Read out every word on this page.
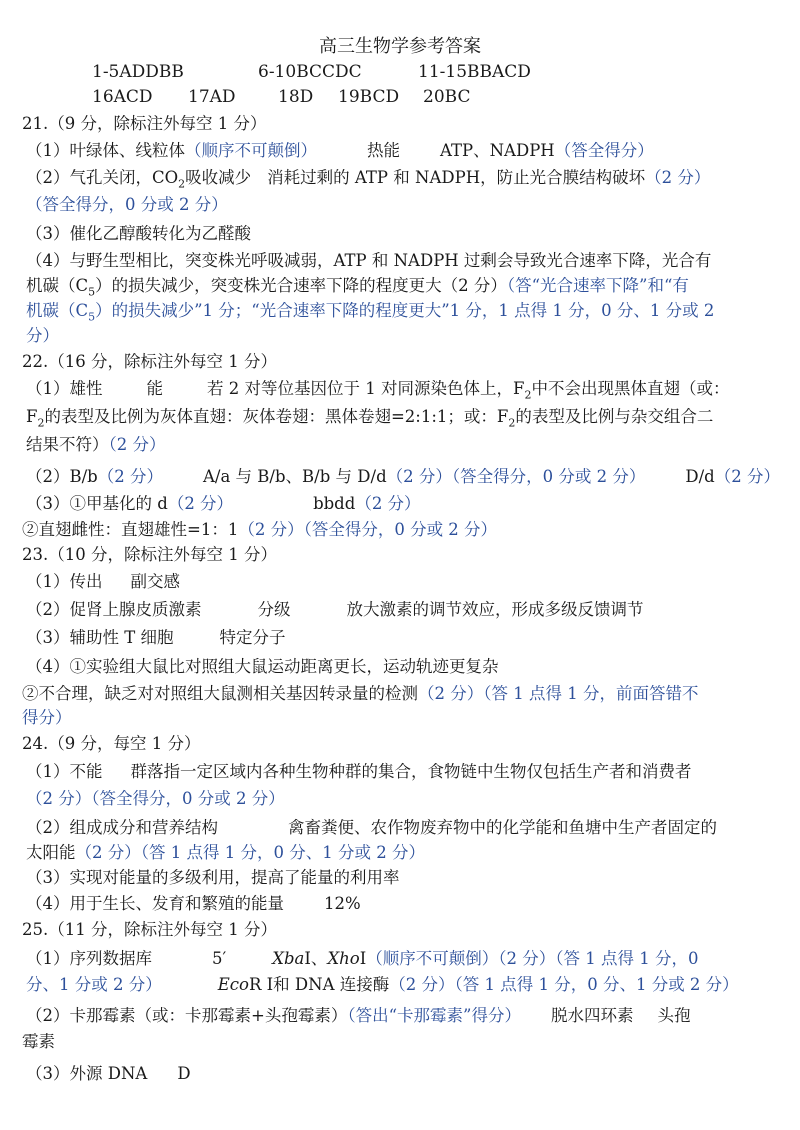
高三生物学参考答案
1-5ADDBB	6-10BCCDC	11-15BBACD
16ACD 17AD 18D 19BCD 20BC
21.（9 分，除标注外每空 1 分）
（1）叶绿体、线粒体（顺序不可颠倒）	热能 ATP、NADPH（答全得分）
（2）气孔关闭，$CO_2$吸收减少 消耗过剩的 ATP 和 NADPH，防止光合膜结构破坏（2 分）
（答全得分，0 分或 2 分）
（3）催化乙醇酸转化为乙醛酸
（4）与野生型相比，突变株光呼吸减弱，ATP 和 NADPH 过剩会导致光合速率下降，光合有
机碳$(C_5)$的损失减少，突变株光合速率下降的程度更大（2 分）（答“光合速率下降”和“有
机碳$(C_5)$的损失减少”1 分；“光合速率下降的程度更大”1 分，1 点得 1 分，0 分、1 分或 2
分）
22.（16 分，除标注外每空 1 分）
（1）雄性	能	若 2 对等位基因位于 1 对同源染色体上，$F_2$中不会出现黑体直翅（或：
$F_2$的表型及比例为灰体直翅：灰体卷翅：黑体卷翅=2:1:1；或：$F_2$的表型及比例与杂交组合二
结果不符）（2 分）
（2）B/b（2 分） A/a 与 B/b、B/b 与 D/d（2 分）（答全得分，0 分或 2 分） D/d（2 分）
（3）①甲基化的 d（2 分）	bbdd（2 分）
②直翅雌性：直翅雄性=1：1（2 分）（答全得分，0 分或 2 分）
23.（10 分，除标注外每空 1 分）
（1）传出 副交感
（2）促肾上腺皮质激素	分级	放大激素的调节效应，形成多级反馈调节
（3）辅助性 T 细胞	特定分子
（4）①实验组大鼠比对照组大鼠运动距离更长，运动轨迹更复杂
②不合理，缺乏对对照组大鼠测相关基因转录量的检测（2 分）（答 1 点得 1 分，前面答错不
得分）
24.（9 分，每空 1 分）
（1）不能 群落指一定区域内各种生物种群的集合，食物链中生物仅包括生产者和消费者
（2 分）（答全得分，0 分或 2 分）
（2）组成成分和营养结构	禽畜粪便、农作物废弃物中的化学能和鱼塘中生产者固定的
太阳能（2 分）（答 1 点得 1 分，0 分、1 分或 2 分）
（3）实现对能量的多级利用，提高了能量的利用率
（4）用于生长、发育和繁殖的能量 12%
25.（11 分，除标注外每空 1 分）
（1）序列数据库	5′	XbaⅠ、XhoⅠ（顺序不可颠倒）（2 分）（答 1 点得 1 分，0
分、1 分或 2 分）	EcoR Ⅰ和 DNA 连接酶（2 分）（答 1 点得 1 分，0 分、1 分或 2 分）
（2）卡那霉素（或：卡那霉素+头孢霉素）（答出“卡那霉素”得分） 脱水四环素 头孢
霉素
（3）外源 DNA D
